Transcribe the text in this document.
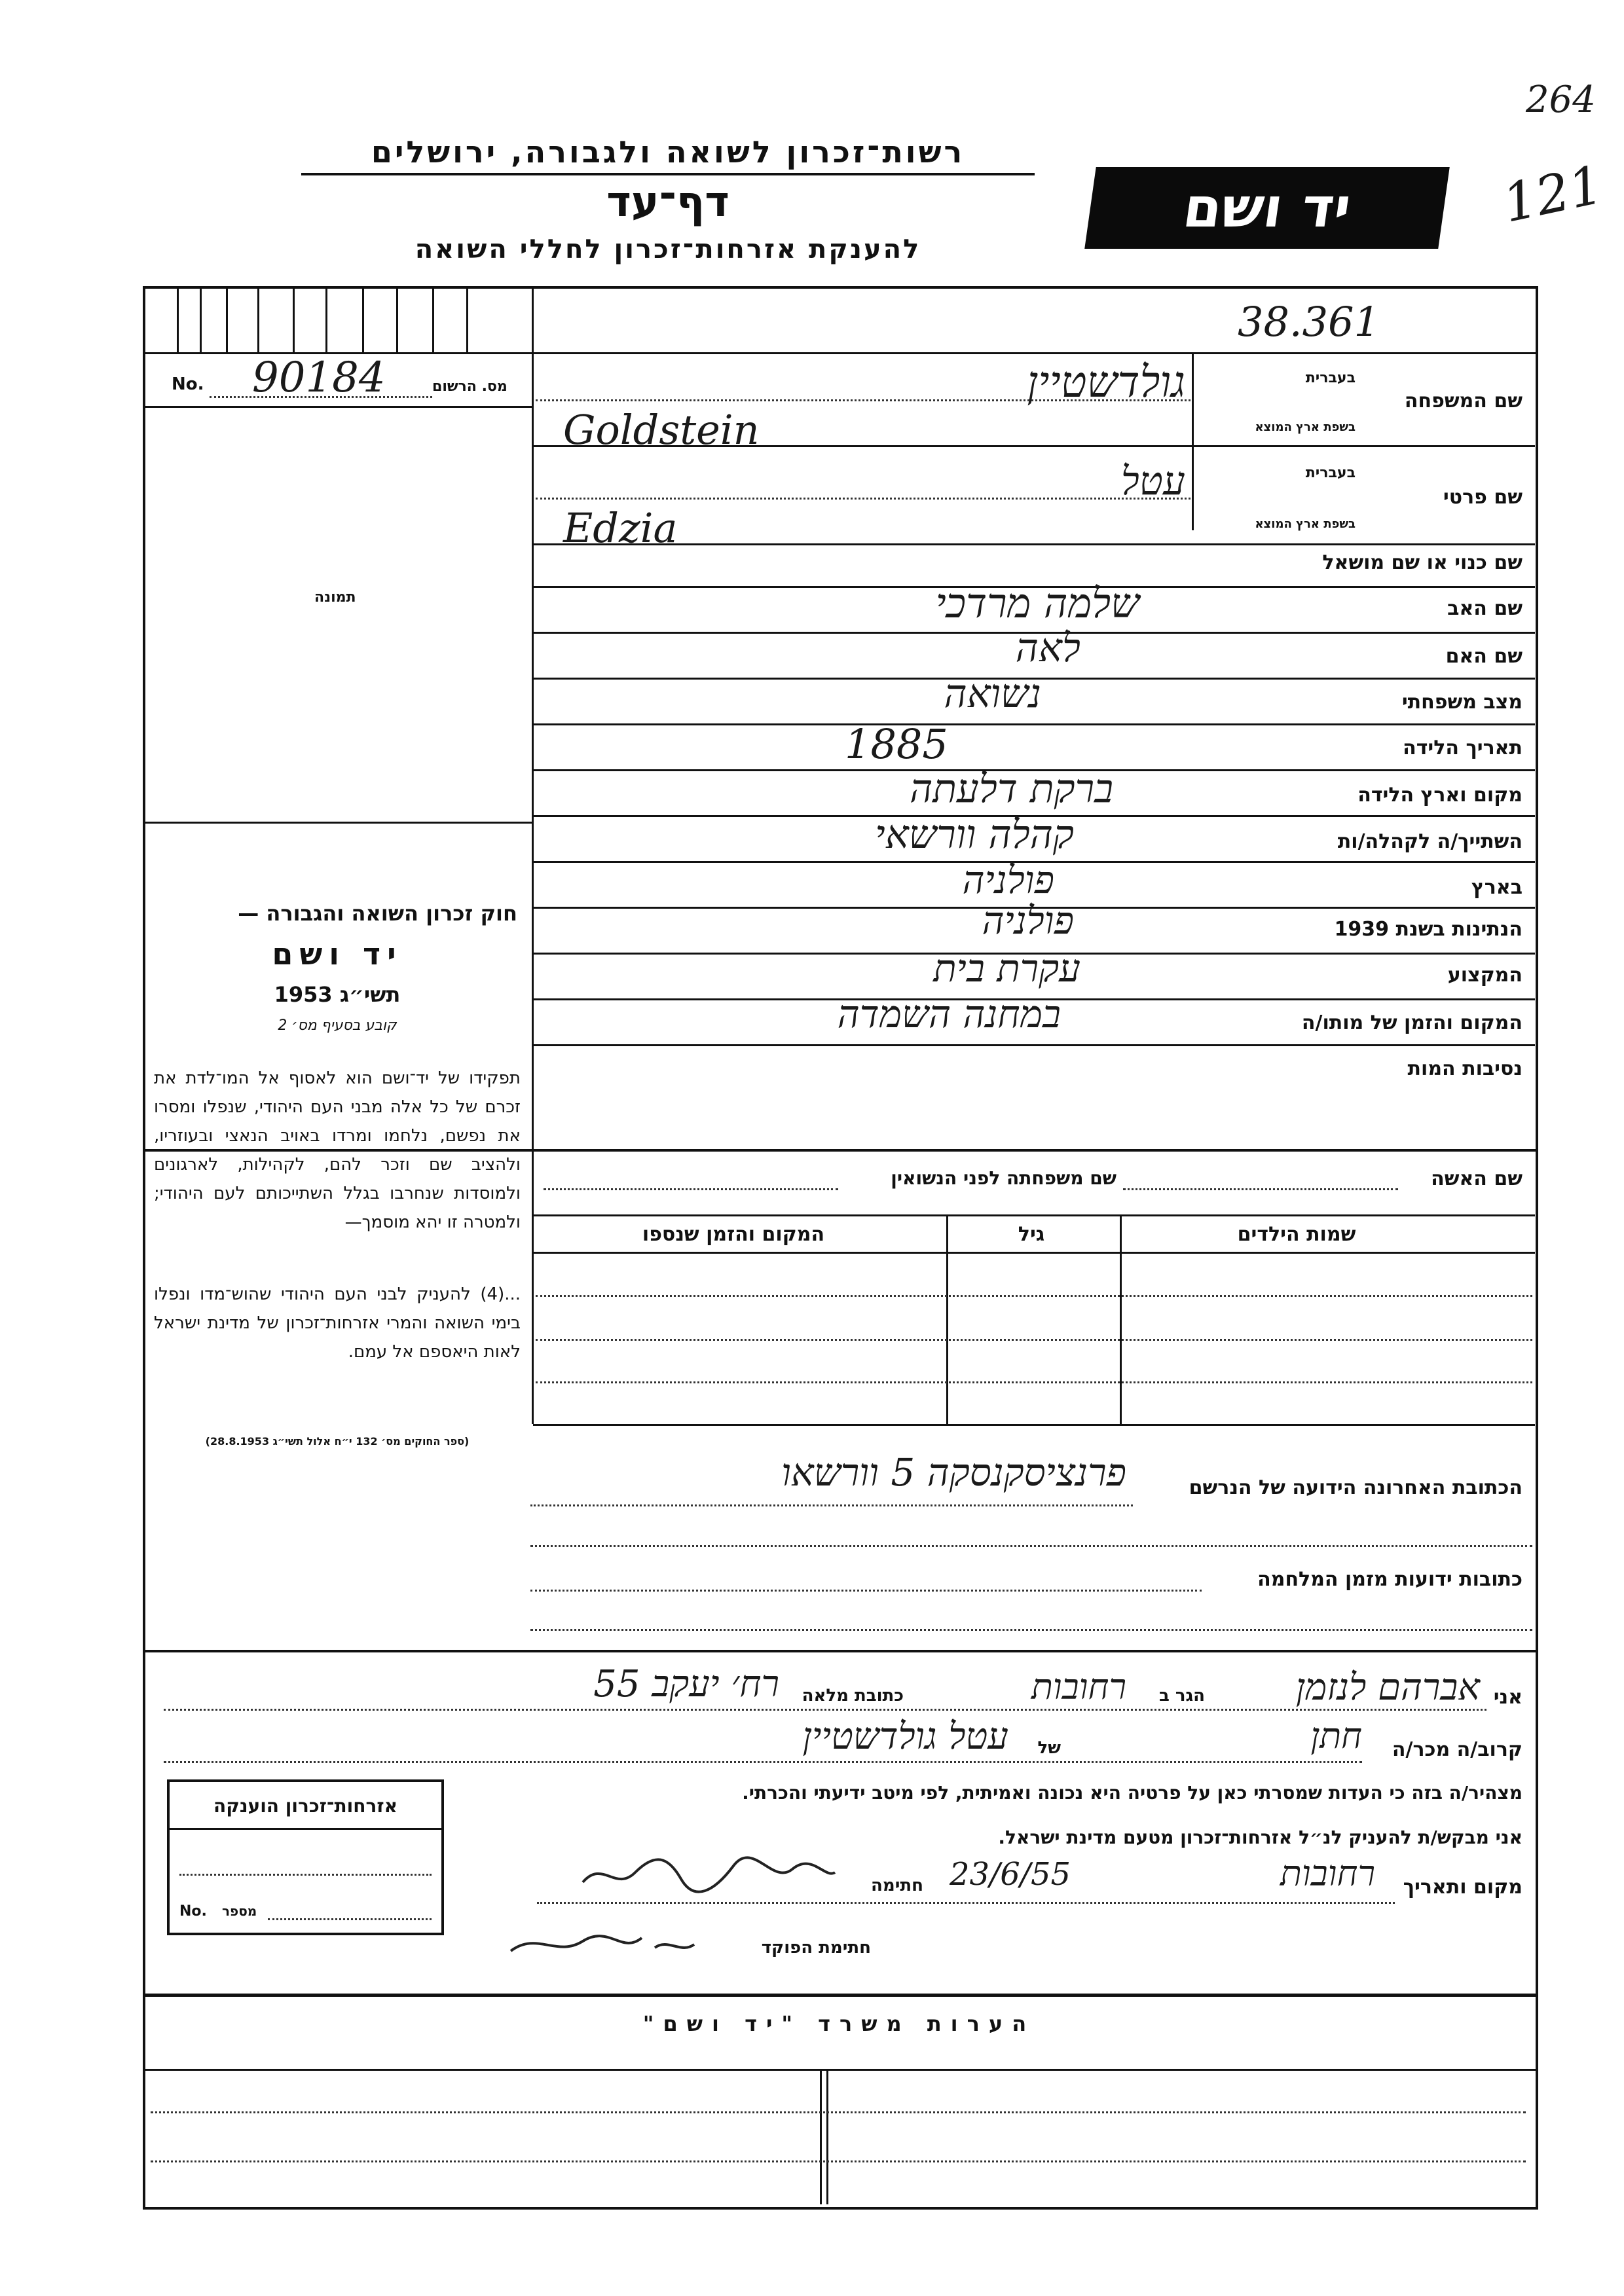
264
121
רשות־זכרון לשואה ולגבורה, ירושלים
דף־עד
להענקת אזרחות־זכרון לחללי השואה
יד ושם
38.361
No. 90184	מס. הרשום
תמונה
חוק זכרון השואה והגבורה —
יד ושם
תשי״ג 1953
קובע בסעיף מס׳ 2
תפקידו של יד־ושם הוא לאסוף אל המו־לדת את זכרם של כל אלה מבני העם היהודי, שנפלו ומסרו את נפשם, נלחמו ומרדו באויב הנאצי ובעוזריו, ולהציב שם וזכר להם, לקהילות, לארגונים ולמוסדות שנחרבו בגלל השתייכותם לעם היהודי; ולמטרה זו יהא מוסמך—
...(4) להעניק לבני העם היהודי שהוש־מדו ונפלו בימי השואה והמרי אזרחות־זכרון של מדינת ישראל לאות היאספם אל עמם.
(ספר החוקים מס׳ 132 י״ח אלול תשי״ג 28.8.1953)
שם המשפחה
בעברית
בשפת ארץ המוצא
גולדשטיין
Goldstein
שם פרטי
בעברית
בשפת ארץ המוצא
עטל
Edzia
שם כנוי או שם מושאל
שם האב
שלמה מרדכי
שם האם
לאה
מצב משפחתי
נשואה
תאריך הלידה
1885
מקום וארץ הלידה
ברקת דלעתה
השתייך/ה לקהלה/ות
קהלה וורשאי
בארץ
פולניה
הנתינות בשנת 1939
פולניה
המקצוע
עקרת בית
המקום והזמן של מותו/ה
במחנה השמדה
נסיבות המות
שם האשה
שם משפחתה לפני הנשואין
שמות הילדים
גיל
המקום והזמן שנספו
הכתובת האחרונה הידועה של הנרשם
פרנציסקנסקה 5 וורשאו
כתובות ידועות מזמן המלחמה
אני
אברהם לנזמן
הגר ב
רחובות
כתובת מלאה
רח׳ יעקב 55
קרוב/ה מכר/ה
חתן
של
עטל גולדשטיין
מצהיר/ה בזה כי העדות שמסרתי כאן על פרטיה היא נכונה ואמיתית, לפי מיטב ידיעתי והכרתי.
אני מבקש/ת להעניק לנ״ל אזרחות־זכרון מטעם מדינת ישראל.
מקום ותאריך
רחובות
23/6/55
חתימה
חתימת הפוקד
אזרחות־זכרון הוענקה
No. מספר
הערות משרד "יד ושם"
